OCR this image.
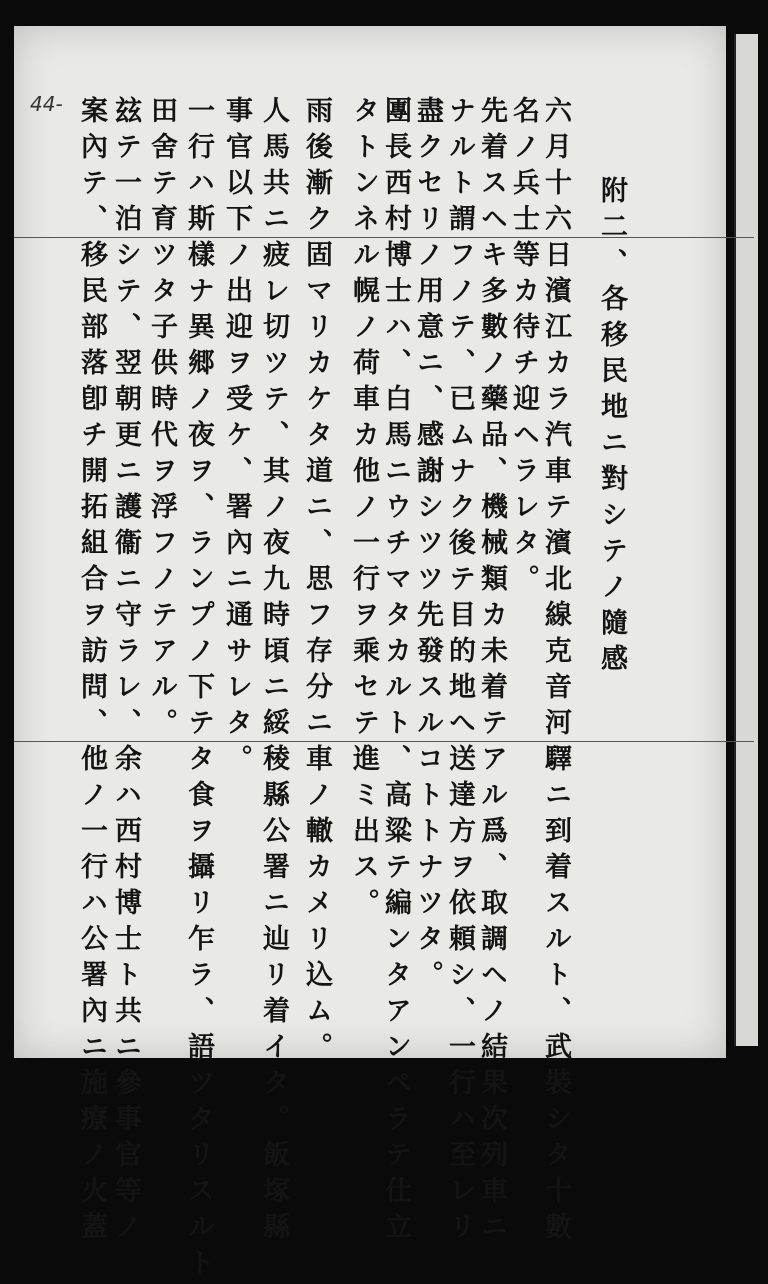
44-
附二、各移民地ニ對シテノ隨感
六月十六日濱江カラ汽車テ濱北線克音河驛ニ到着スルト、武裝シタ十數
名ノ兵士等カ待チ迎ヘラレタ。
先着スヘキ多數ノ藥品、機械類カ未着テアル爲、取調ヘノ結果次列車ニ
ナルト謂フノテ、已ムナク後テ目的地へ送達方ヲ依頼シ、一行ハ至レリ
盡クセリノ用意ニ、感謝シツツ先發スルコトトナツタ。
團長西村博士ハ、白馬ニウチマタカルト、高粱テ編ンタアンペラテ仕立
タトンネル幌ノ荷車カ他ノ一行ヲ乘セテ進ミ出ス。
雨後漸ク固マリカケタ道ニ、思フ存分ニ車ノ轍カメリ込ム。
人馬共ニ疲レ切ツテ、其ノ夜九時頃ニ綏稜縣公署ニ辿リ着イタ。飯塚縣
事官以下ノ出迎ヲ受ケ、署內ニ通サレタ。
一行ハ斯樣ナ異郷ノ夜ヲ、ランプノ下テタ食ヲ攝リ乍ラ、語ツタリスルト
田舍テ育ツタ子供時代ヲ浮フノテアル。
玆テ一泊シテ、翌朝更ニ護衞ニ守ラレ、余ハ西村博士ト共ニ參事官等ノ
案內テ、移民部落卽チ開拓組合ヲ訪問、他ノ一行ハ公署內ニ施療ノ火蓋
